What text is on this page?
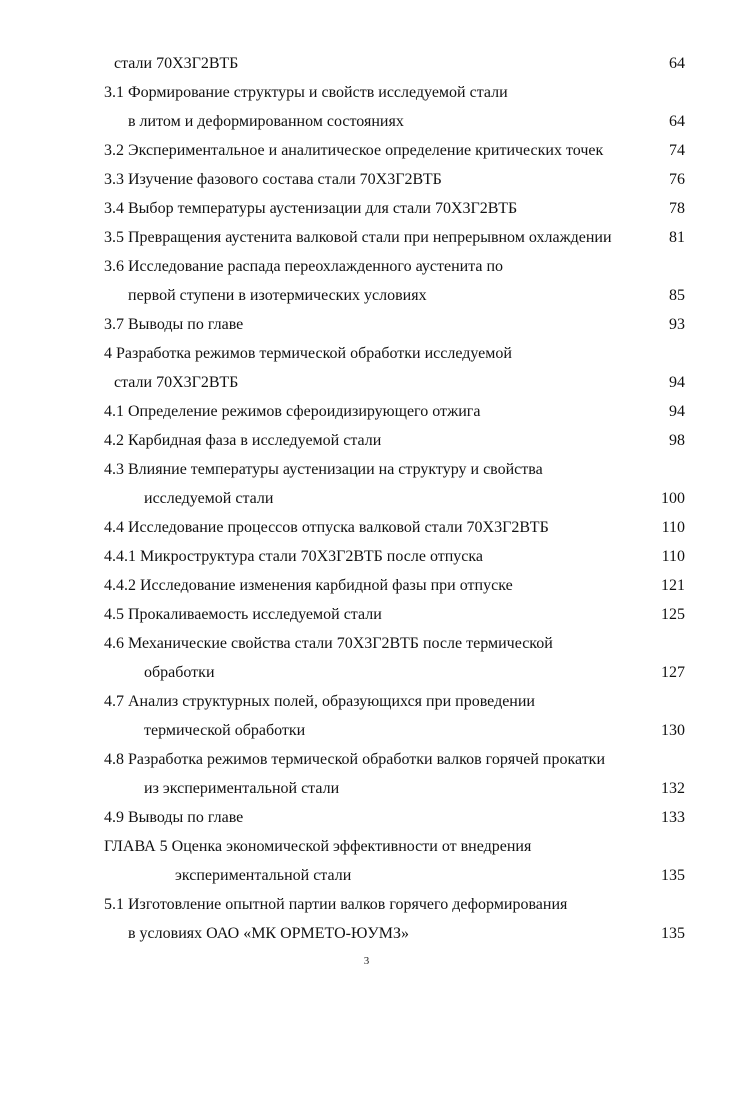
стали 70Х3Г2ВТБ	64
3.1 Формирование структуры и свойств исследуемой стали
в литом и деформированном состояниях	64
3.2 Экспериментальное и аналитическое определение критических точек	74
3.3 Изучение фазового состава стали 70Х3Г2ВТБ	76
3.4 Выбор температуры аустенизации для стали 70Х3Г2ВТБ	78
3.5 Превращения аустенита валковой стали при непрерывном охлаждении	81
3.6 Исследование распада переохлажденного аустенита по
первой ступени в изотермических условиях	85
3.7 Выводы по главе	93
4 Разработка режимов термической обработки исследуемой
стали 70Х3Г2ВТБ	94
4.1 Определение режимов сфероидизирующего отжига	94
4.2 Карбидная фаза в исследуемой стали	98
4.3 Влияние температуры аустенизации на структуру и свойства
исследуемой стали	100
4.4 Исследование процессов отпуска валковой стали 70Х3Г2ВТБ	110
4.4.1 Микроструктура стали 70Х3Г2ВТБ после отпуска	110
4.4.2 Исследование изменения карбидной фазы при отпуске	121
4.5 Прокаливаемость исследуемой стали	125
4.6 Механические свойства стали 70Х3Г2ВТБ после термической
обработки	127
4.7 Анализ структурных полей, образующихся при проведении
термической обработки	130
4.8 Разработка режимов термической обработки валков горячей прокатки
из экспериментальной стали	132
4.9 Выводы по главе	133
ГЛАВА 5 Оценка экономической эффективности от внедрения
экспериментальной стали	135
5.1 Изготовление опытной партии валков горячего деформирования
в условиях ОАО «МК ОРМЕТО-ЮУМЗ»	135
3
